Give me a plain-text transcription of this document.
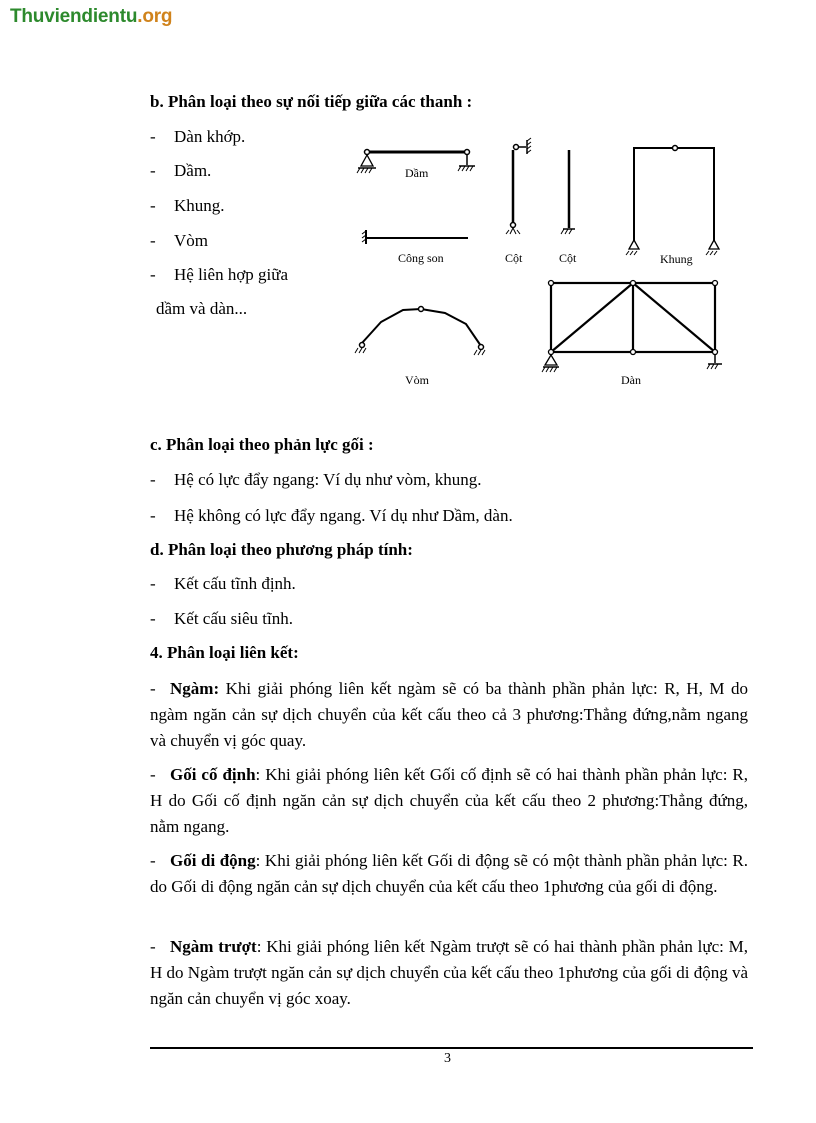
Thuviendientu.org
b. Phân loại theo sự nối tiếp giữa các thanh :
- Dàn khớp.
- Dầm.
- Khung.
- Vòm
- Hệ liên hợp giữa
dầm và dàn...
Dầm
Công son	Cột	Cột	Khung
Vòm	Dàn
c. Phân loại theo phản lực gối :
- Hệ có lực đẩy ngang: Ví dụ như vòm, khung.
- Hệ không có lực đẩy ngang. Ví dụ như Dầm, dàn.
d. Phân loại theo phương pháp tính:
- Kết cấu tĩnh định.
- Kết cấu siêu tĩnh.
4. Phân loại liên kết:
- Ngàm: Khi giải phóng liên kết ngàm sẽ có ba thành phần phản lực: R, H, M do ngàm ngăn cản sự dịch chuyển của kết cấu theo cả 3 phương:Thẳng đứng,nằm ngang và chuyển vị góc quay.
- Gối cố định: Khi giải phóng liên kết Gối cố định sẽ có hai thành phần phản lực: R, H do Gối cố định ngăn cản sự dịch chuyển của kết cấu theo 2 phương:Thẳng đứng, nằm ngang.
- Gối di động: Khi giải phóng liên kết Gối di động sẽ có một thành phần phản lực: R. do Gối di động ngăn cản sự dịch chuyển của kết cấu theo 1phương của gối di động.
- Ngàm trượt: Khi giải phóng liên kết Ngàm trượt sẽ có hai thành phần phản lực: M, H do Ngàm trượt ngăn cản sự dịch chuyển của kết cấu theo 1phương của gối di động và ngăn cản chuyển vị góc xoay.
3
